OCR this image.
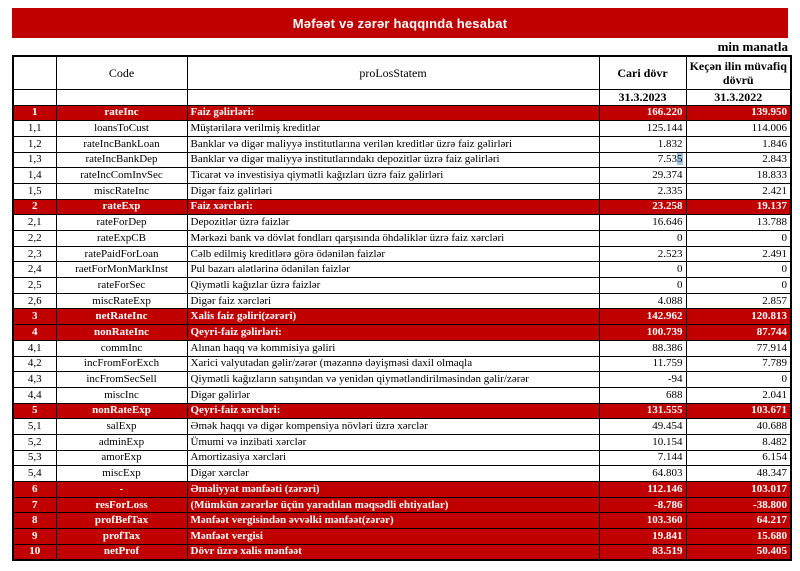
Məfəət və zərər haqqında hesabat
min manatla
	Code	proLosStatem	Cari dövr	Keçən ilin müvafiq dövrü
			31.3.2023	31.3.2022
1	rateInc	Faiz gəlirləri:	166.220	139.950
1,1	loansToCust	Müştərilərə verilmiş kreditlər	125.144	114.006
1,2	rateIncBankLoan	Banklar və digər maliyyə institutlarına verilən kreditlər üzrə faiz gəlirləri	1.832	1.846
1,3	rateIncBankDep	Banklar və digər maliyyə institutlarındakı depozitlər üzrə faiz gəlirləri	7.535	2.843
1,4	rateIncComInvSec	Ticarət və investisiya qiymətli kağızları üzrə faiz gəlirləri	29.374	18.833
1,5	miscRateInc	Digər faiz gəlirləri	2.335	2.421
2	rateExp	Faiz xərcləri:	23.258	19.137
2,1	rateForDep	Depozitlər üzrə faizlər	16.646	13.788
2,2	rateExpCB	Mərkəzi bank və dövlət fondları qarşısında öhdəliklər üzrə faiz xərcləri	0	0
2,3	ratePaidForLoan	Cəlb edilmiş kreditlərə görə ödənilən faizlər	2.523	2.491
2,4	raetForMonMarkInst	Pul bazarı alətlərinə ödənilən faizlər	0	0
2,5	rateForSec	Qiymətli kağızlar üzrə faizlər	0	0
2,6	miscRateExp	Digər faiz xərcləri	4.088	2.857
3	netRateInc	Xalis faiz gəliri(zərəri)	142.962	120.813
4	nonRateInc	Qeyri-faiz gəlirləri:	100.739	87.744
4,1	commInc	Alınan haqq və kommisiya gəliri	88.386	77.914
4,2	incFromForExch	Xarici valyutadan gəlir/zərər (məzənnə dəyişməsi daxil olmaqla	11.759	7.789
4,3	incFromSecSell	Qiymətli kağızların satışından və yenidən qiymətləndirilməsindən gəlir/zərər	-94	0
4,4	miscInc	Digər gəlirlər	688	2.041
5	nonRateExp	Qeyri-faiz xərcləri:	131.555	103.671
5,1	salExp	Əmək haqqı və digər kompensiya növləri üzrə xərclər	49.454	40.688
5,2	adminExp	Ümumi və inzibati xərclər	10.154	8.482
5,3	amorExp	Amortizasiya xərcləri	7.144	6.154
5,4	miscExp	Digər xərclər	64.803	48.347
6	-	Əməliyyat mənfəəti (zərəri)	112.146	103.017
7	resForLoss	(Mümkün zərərlər üçün yaradılan məqsədli ehtiyatlar)	-8.786	-38.800
8	profBefTax	Mənfəət vergisindən əvvəlki mənfəət(zərər)	103.360	64.217
9	profTax	Mənfəət vergisi	19.841	15.680
10	netProf	Dövr üzrə xalis mənfəət	83.519	50.405
